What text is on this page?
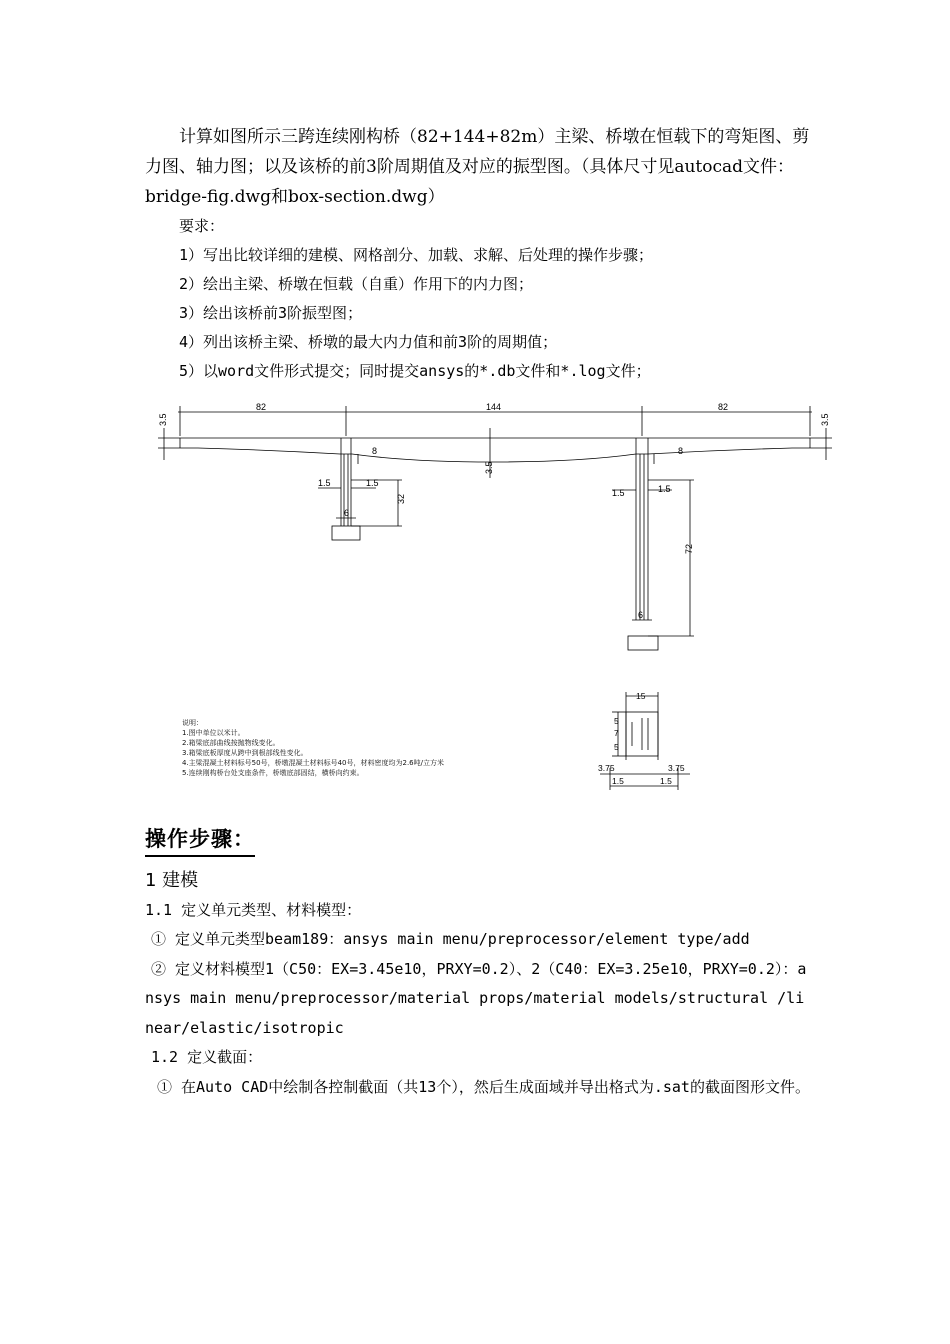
计算如图所示三跨连续刚构桥（82+144+82m）主梁、桥墩在恒载下的弯矩图、剪力图、轴力图；以及该桥的前3阶周期值及对应的振型图。（具体尺寸见autocad文件：bridge-fig.dwg和box-section.dwg）

要求：
1）写出比较详细的建模、网格剖分、加载、求解、后处理的操作步骤；
2）绘出主梁、桥墩在恒载（自重）作用下的内力图；
3）绘出该桥前3阶振型图；
4）列出该桥主梁、桥墩的最大内力值和前3阶的周期值；
5）以word文件形式提交；同时提交ansys的*.db文件和*.log文件；
82	144	82
3.5	3.5
8	8
3.5
1.5	1.5
32
6
1.5	1.5
72
6
说明：
1.图中单位以米计。
2.箱梁底部曲线按抛物线变化。
3.箱梁底板厚度从跨中到根部线性变化。
4.主梁混凝土材料标号50号，桥墩混凝土材料标号40号，材料密度均为2.6吨/立方米
5.连续刚构桥台处支座条件，桥墩底部固结，横桥向约束。
15
5
7
5
3.75	3.75
1.5	1.5
操作步骤：
1 建模
1.1 定义单元类型、材料模型：
① 定义单元类型beam189：ansys main menu/preprocessor/element type/add
② 定义材料模型1（C50：EX=3.45e10，PRXY=0.2）、2（C40：EX=3.25e10，PRXY=0.2）：ansys main menu/preprocessor/material props/material models/structural /linear/elastic/isotropic
1.2 定义截面：
① 在Auto CAD中绘制各控制截面（共13个），然后生成面域并导出格式为.sat的截面图形文件。
